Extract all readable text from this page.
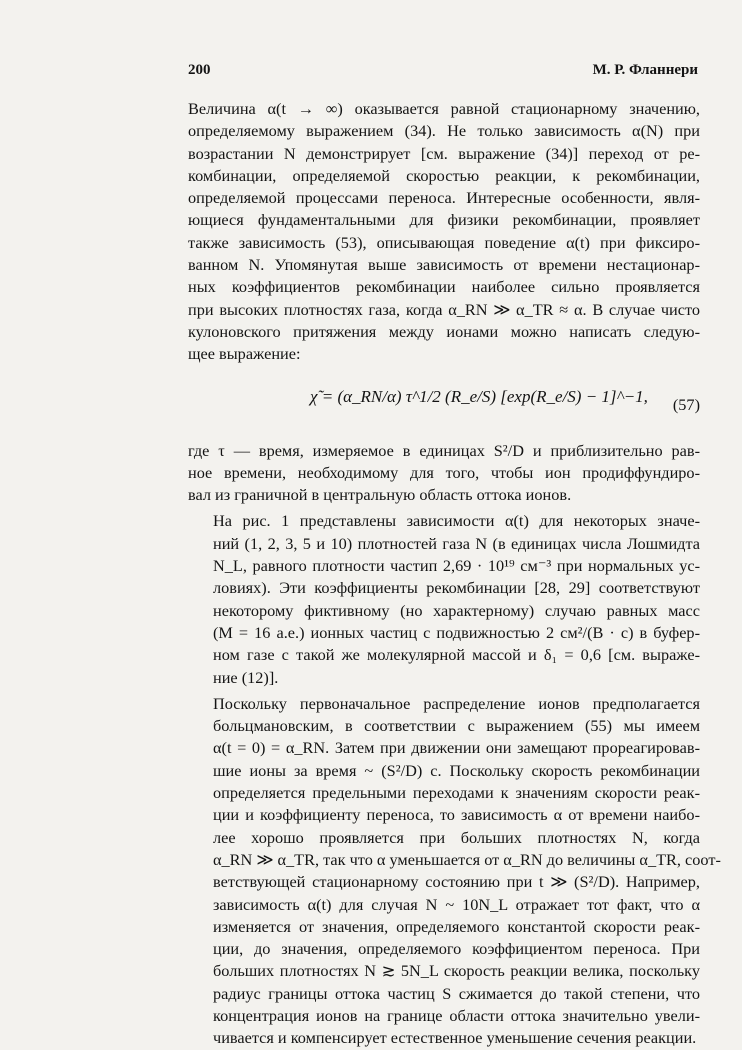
200	М. Р. Фланнери

Величина α(t → ∞) оказывается равной стационарному значению,
определяемому выражением (34). Не только зависимость α(N) при
возрастании N демонстрирует [см. выражение (34)] переход от ре-
комбинации, определяемой скоростью реакции, к рекомбинации,
определяемой процессами переноса. Интересные особенности, явля-
ющиеся фундаментальными для физики рекомбинации, проявляет
также зависимость (53), описывающая поведение α(t) при фиксиро-
ванном N. Упомянутая выше зависимость от времени нестационар-
ных коэффициентов рекомбинации наиболее сильно проявляется
при высоких плотностях газа, когда α_RN ≫ α_TR ≈ α. В случае чисто
кулоновского притяжения между ионами можно написать следую-
щее выражение:

χ̃ = (α_RN/α) τ^1/2 (R_e/S) [exp(R_e/S) − 1]^−1, (57)

где τ — время, измеряемое в единицах S²/D и приблизительно рав-
ное времени, необходимому для того, чтобы ион продиффундиро-
вал из граничной в центральную область оттока ионов.

На рис. 1 представлены зависимости α(t) для некоторых значе-
ний (1, 2, 3, 5 и 10) плотностей газа N (в единицах числа Лошмидта
N_L, равного плотности частип 2,69 · 10¹⁹ см⁻³ при нормальных ус-
ловиях). Эти коэффициенты рекомбинации [28, 29] соответствуют
некоторому фиктивному (но характерному) случаю равных масс
(M = 16 а.е.) ионных частиц с подвижностью 2 см²/(В · с) в буфер-
ном газе с такой же молекулярной массой и δ₁ = 0,6 [см. выраже-
ние (12)].

Поскольку первоначальное распределение ионов предполагается
больцмановским, в соответствии с выражением (55) мы имеем
α(t = 0) = α_RN. Затем при движении они замещают прореагировав-
шие ионы за время ~ (S²/D) с. Поскольку скорость рекомбинации
определяется предельными переходами к значениям скорости реак-
ции и коэффициенту переноса, то зависимость α от времени наибо-
лее хорошо проявляется при больших плотностях N, когда
α_RN ≫ α_TR, так что α уменьшается от α_RN до величины α_TR, соот-
ветствующей стационарному состоянию при t ≫ (S²/D). Например,
зависимость α(t) для случая N ~ 10N_L отражает тот факт, что α
изменяется от значения, определяемого константой скорости реак-
ции, до значения, определяемого коэффициентом переноса. При
больших плотностях N ≳ 5N_L скорость реакции велика, поскольку
радиус границы оттока частиц S сжимается до такой степени, что
концентрация ионов на границе области оттока значительно увели-
чивается и компенсирует естественное уменьшение сечения реакции.
